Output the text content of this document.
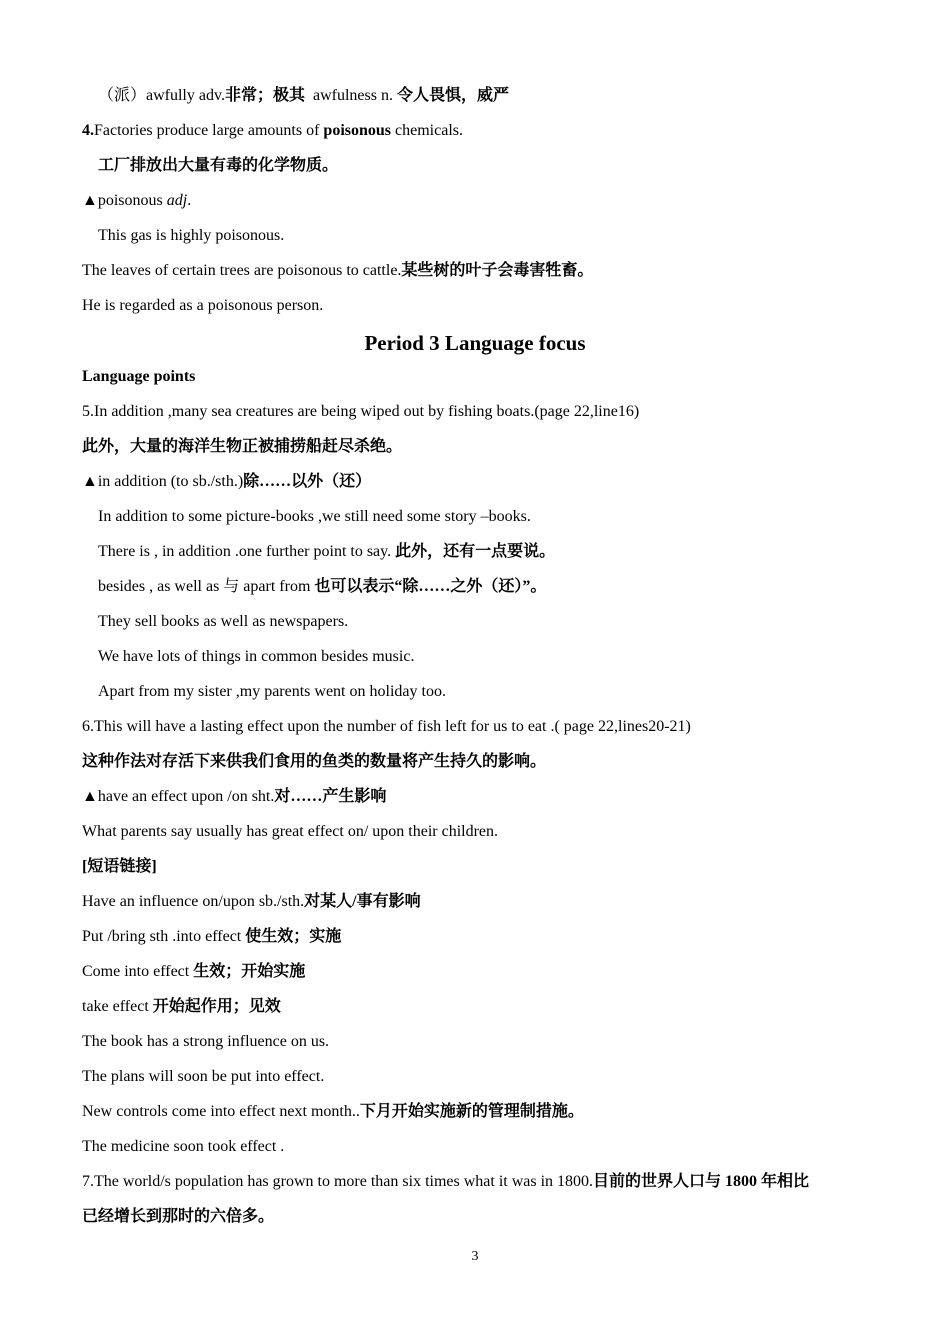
（派）awfully adv.非常；极其  awfulness n. 令人畏惧，威严
4.Factories produce large amounts of poisonous chemicals.
工厂排放出大量有毒的化学物质。
▲poisonous adj.
This gas is highly poisonous.
The leaves of certain trees are poisonous to cattle.某些树的叶子会毒害牲畜。
He is regarded as a poisonous person.
Period 3 Language focus
Language points
5.In addition ,many sea creatures are being wiped out by fishing boats.(page 22,line16)
此外，大量的海洋生物正被捕捞船赶尽杀绝。
▲in addition (to sb./sth.)除……以外（还）
In addition to some picture-books ,we still need some story –books.
There is , in addition .one further point to say. 此外，还有一点要说。
besides , as well as 与 apart from 也可以表示“除……之外（还）”。
They sell books as well as newspapers.
We have lots of things in common besides music.
Apart from my sister ,my parents went on holiday too.
6.This will have a lasting effect upon the number of fish left for us to eat .( page 22,lines20-21)
这种作法对存活下来供我们食用的鱼类的数量将产生持久的影响。
▲have an effect upon /on sht.对……产生影响
What parents say usually has great effect on/ upon their children.
[短语链接]
Have an influence on/upon sb./sth.对某人/事有影响
Put /bring sth .into effect 使生效；实施
Come into effect 生效；开始实施
take effect 开始起作用；见效
The book has a strong influence on us.
The plans will soon be put into effect.
New controls come into effect next month..下月开始实施新的管理制措施。
The medicine soon took effect .
7.The world/s population has grown to more than six times what it was in 1800.目前的世界人口与 1800 年相比
已经增长到那时的六倍多。
3
